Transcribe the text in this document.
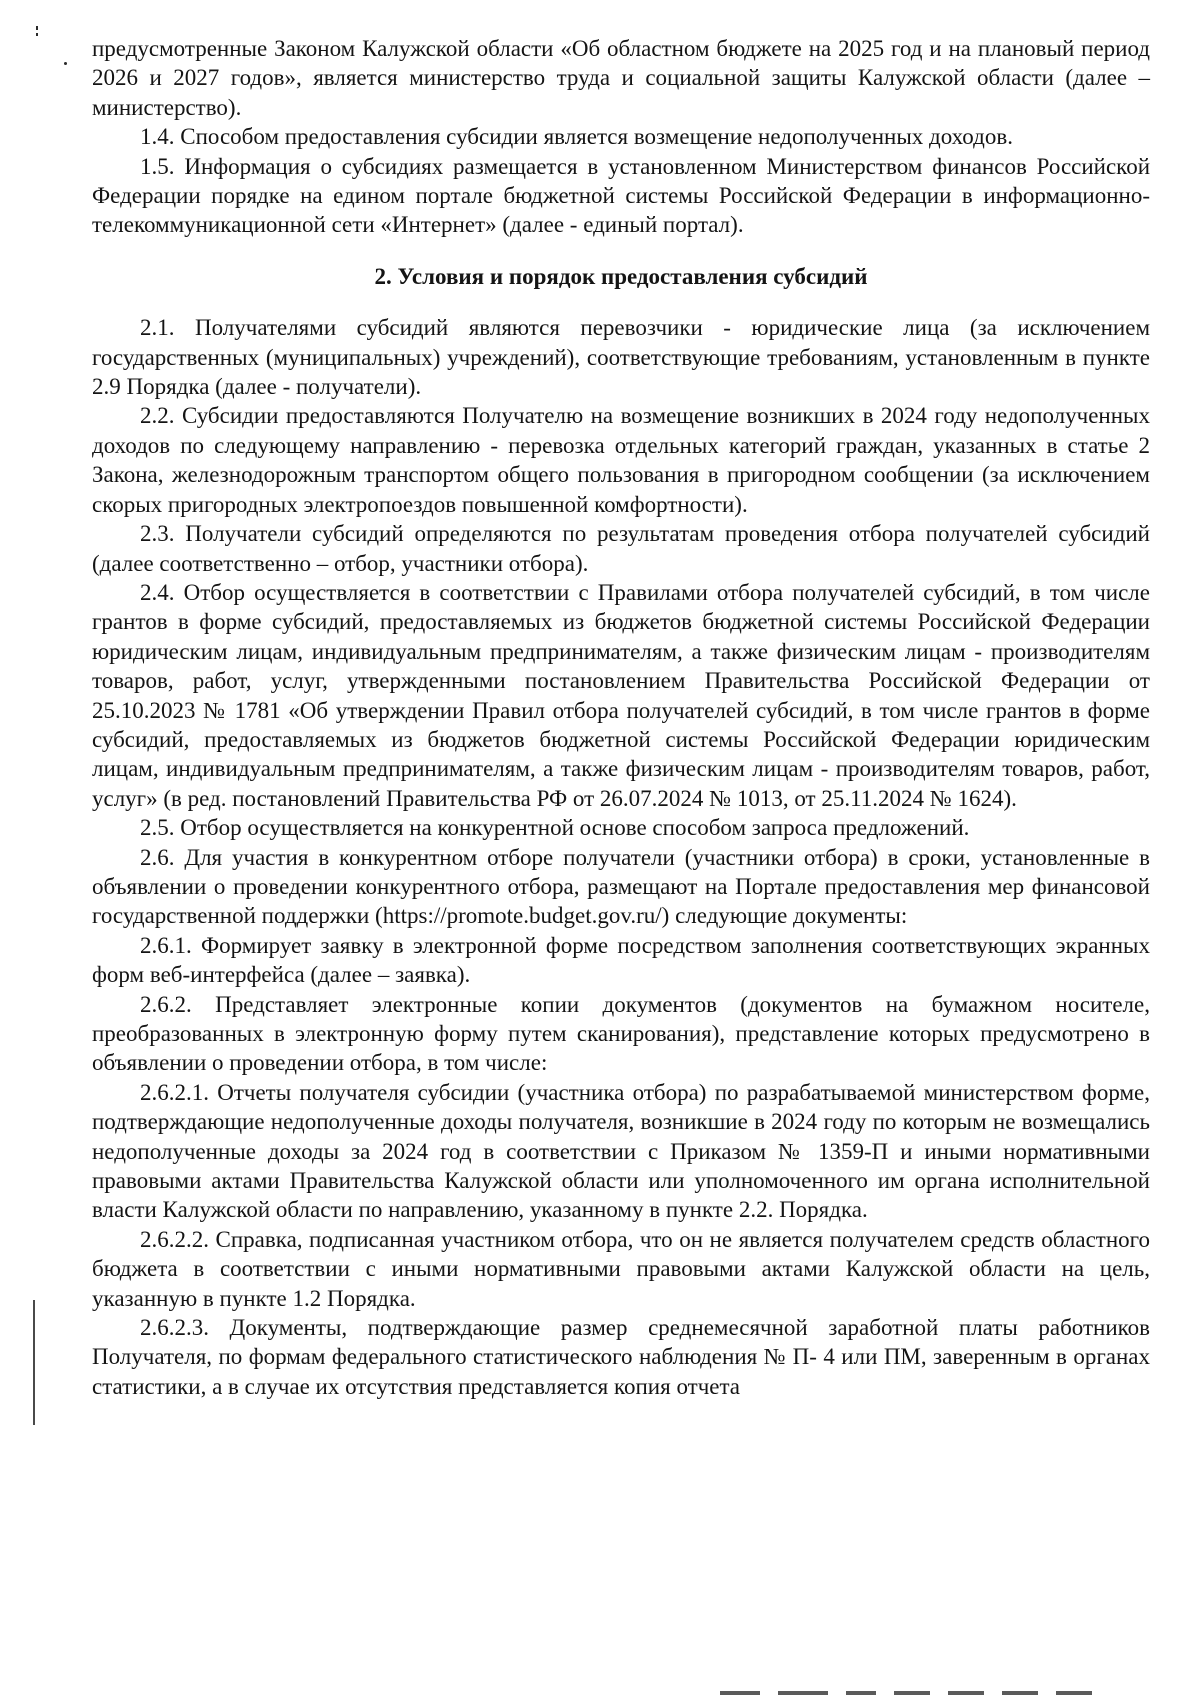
предусмотренные Законом Калужской области «Об областном бюджете на 2025 год и на плановый период 2026 и 2027 годов», является министерство труда и социальной защиты Калужской области (далее – министерство).

1.4. Способом предоставления субсидии является возмещение недополученных доходов.

1.5. Информация о субсидиях размещается в установленном Министерством финансов Российской Федерации порядке на едином портале бюджетной системы Российской Федерации в информационно-телекоммуникационной сети «Интернет» (далее - единый портал).

2. Условия и порядок предоставления субсидий

2.1. Получателями субсидий являются перевозчики - юридические лица (за исключением государственных (муниципальных) учреждений), соответствующие требованиям, установленным в пункте 2.9 Порядка (далее - получатели).

2.2. Субсидии предоставляются Получателю на возмещение возникших в 2024 году недополученных доходов по следующему направлению - перевозка отдельных категорий граждан, указанных в статье 2 Закона, железнодорожным транспортом общего пользования в пригородном сообщении (за исключением скорых пригородных электропоездов повышенной комфортности).

2.3. Получатели субсидий определяются по результатам проведения отбора получателей субсидий (далее соответственно – отбор, участники отбора).

2.4. Отбор осуществляется в соответствии с Правилами отбора получателей субсидий, в том числе грантов в форме субсидий, предоставляемых из бюджетов бюджетной системы Российской Федерации юридическим лицам, индивидуальным предпринимателям, а также физическим лицам - производителям товаров, работ, услуг, утвержденными постановлением Правительства Российской Федерации от 25.10.2023 № 1781 «Об утверждении Правил отбора получателей субсидий, в том числе грантов в форме субсидий, предоставляемых из бюджетов бюджетной системы Российской Федерации юридическим лицам, индивидуальным предпринимателям, а также физическим лицам - производителям товаров, работ, услуг» (в ред. постановлений Правительства РФ от 26.07.2024 № 1013, от 25.11.2024 № 1624).

2.5. Отбор осуществляется на конкурентной основе способом запроса предложений.

2.6. Для участия в конкурентном отборе получатели (участники отбора) в сроки, установленные в объявлении о проведении конкурентного отбора, размещают на Портале предоставления мер финансовой государственной поддержки (https://promote.budget.gov.ru/) следующие документы:

2.6.1. Формирует заявку в электронной форме посредством заполнения соответствующих экранных форм веб-интерфейса (далее – заявка).

2.6.2. Представляет электронные копии документов (документов на бумажном носителе, преобразованных в электронную форму путем сканирования), представление которых предусмотрено в объявлении о проведении отбора, в том числе:

2.6.2.1. Отчеты получателя субсидии (участника отбора) по разрабатываемой министерством форме, подтверждающие недополученные доходы получателя, возникшие в 2024 году по которым не возмещались недополученные доходы за 2024 год в соответствии с Приказом № 1359-П и иными нормативными правовыми актами Правительства Калужской области или уполномоченного им органа исполнительной власти Калужской области по направлению, указанному в пункте 2.2. Порядка.

2.6.2.2. Справка, подписанная участником отбора, что он не является получателем средств областного бюджета в соответствии с иными нормативными правовыми актами Калужской области на цель, указанную в пункте 1.2 Порядка.

2.6.2.3. Документы, подтверждающие размер среднемесячной заработной платы работников Получателя, по формам федерального статистического наблюдения № П- 4 или ПМ, заверенным в органах статистики, а в случае их отсутствия представляется копия отчета
